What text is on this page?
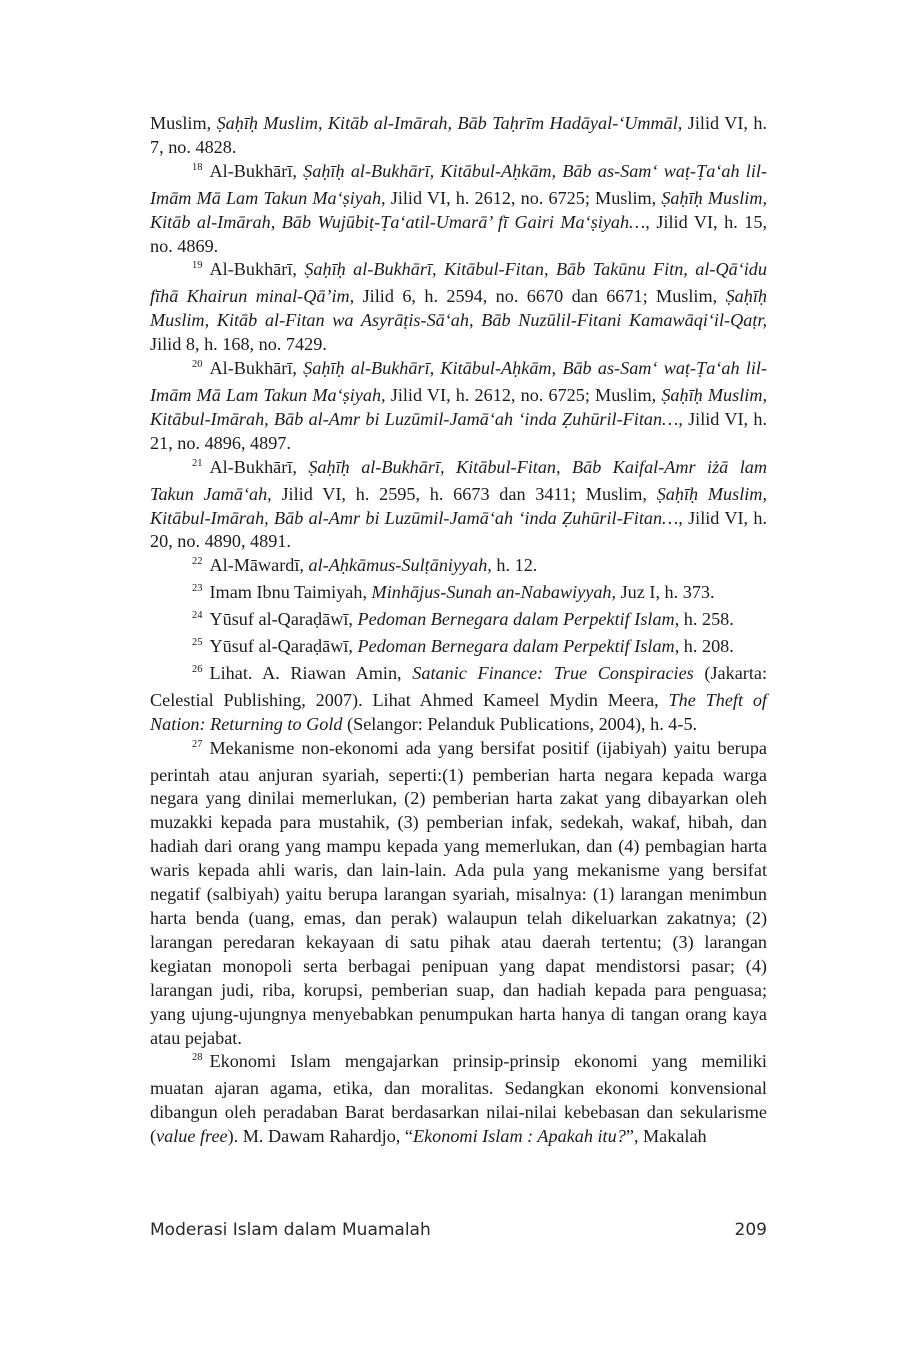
Muslim, Ṣaḥīḥ Muslim, Kitāb al-Imārah, Bāb Taḥrīm Hadāyal-‘Ummāl, Jilid VI, h. 7, no. 4828.

$^{18}$ Al-Bukhārī, Ṣaḥīḥ al-Bukhārī, Kitābul-Aḥkām, Bāb as-Sam‘ waṭ-Ṭa‘ah lil-Imām Mā Lam Takun Ma‘ṣiyah, Jilid VI, h. 2612, no. 6725; Muslim, Ṣaḥīḥ Muslim, Kitāb al-Imārah, Bāb Wujūbiṭ-Ṭa‘atil-Umarā’ fī Gairi Ma‘ṣiyah…, Jilid VI, h. 15, no. 4869.

$^{19}$ Al-Bukhārī, Ṣaḥīḥ al-Bukhārī, Kitābul-Fitan, Bāb Takūnu Fitn, al-Qā‘idu fīhā Khairun minal-Qā’im, Jilid 6, h. 2594, no. 6670 dan 6671; Muslim, Ṣaḥīḥ Muslim, Kitāb al-Fitan wa Asyrāṭis-Sā‘ah, Bāb Nuzūlil-Fitani Kamawāqi‘il-Qaṭr, Jilid 8, h. 168, no. 7429.

$^{20}$ Al-Bukhārī, Ṣaḥīḥ al-Bukhārī, Kitābul-Aḥkām, Bāb as-Sam‘ waṭ-Ṭa‘ah lil-Imām Mā Lam Takun Ma‘ṣiyah, Jilid VI, h. 2612, no. 6725; Muslim, Ṣaḥīḥ Muslim, Kitābul-Imārah, Bāb al-Amr bi Luzūmil-Jamā‘ah ‘inda Ẓuhūril-Fitan…, Jilid VI, h. 21, no. 4896, 4897.

$^{21}$ Al-Bukhārī, Ṣaḥīḥ al-Bukhārī, Kitābul-Fitan, Bāb Kaifal-Amr iżā lam Takun Jamā‘ah, Jilid VI, h. 2595, h. 6673 dan 3411; Muslim, Ṣaḥīḥ Muslim, Kitābul-Imārah, Bāb al-Amr bi Luzūmil-Jamā‘ah ‘inda Ẓuhūril-Fitan…, Jilid VI, h. 20, no. 4890, 4891.

$^{22}$ Al-Māwardī, al-Aḥkāmus-Sulṭāniyyah, h. 12.

$^{23}$ Imam Ibnu Taimiyah, Minhājus-Sunah an-Nabawiyyah, Juz I, h. 373.

$^{24}$ Yūsuf al-Qaraḍāwī, Pedoman Bernegara dalam Perpektif Islam, h. 258.

$^{25}$ Yūsuf al-Qaraḍāwī, Pedoman Bernegara dalam Perpektif Islam, h. 208.

$^{26}$ Lihat. A. Riawan Amin, Satanic Finance: True Conspiracies (Jakarta: Celestial Publishing, 2007). Lihat Ahmed Kameel Mydin Meera, The Theft of Nation: Returning to Gold (Selangor: Pelanduk Publications, 2004), h. 4-5.

$^{27}$ Mekanisme non-ekonomi ada yang bersifat positif (ijabiyah) yaitu berupa perintah atau anjuran syariah, seperti:(1) pemberian harta negara kepada warga negara yang dinilai memerlukan, (2) pemberian harta zakat yang dibayarkan oleh muzakki kepada para mustahik, (3) pemberian infak, sedekah, wakaf, hibah, dan hadiah dari orang yang mampu kepada yang memerlukan, dan (4) pembagian harta waris kepada ahli waris, dan lain-lain. Ada pula yang mekanisme yang bersifat negatif (salbiyah) yaitu berupa larangan syariah, misalnya: (1) larangan menimbun harta benda (uang, emas, dan perak) walaupun telah dikeluarkan zakatnya; (2) larangan peredaran kekayaan di satu pihak atau daerah tertentu; (3) larangan kegiatan monopoli serta berbagai penipuan yang dapat mendistorsi pasar; (4) larangan judi, riba, korupsi, pemberian suap, dan hadiah kepada para penguasa; yang ujung-ujungnya menyebabkan penumpukan harta hanya di tangan orang kaya atau pejabat.

$^{28}$ Ekonomi Islam mengajarkan prinsip-prinsip ekonomi yang memiliki muatan ajaran agama, etika, dan moralitas. Sedangkan ekonomi konvensional dibangun oleh peradaban Barat berdasarkan nilai-nilai kebebasan dan sekularisme (value free). M. Dawam Rahardjo, “Ekonomi Islam : Apakah itu?”, Makalah

Moderasi Islam dalam Muamalah	209
